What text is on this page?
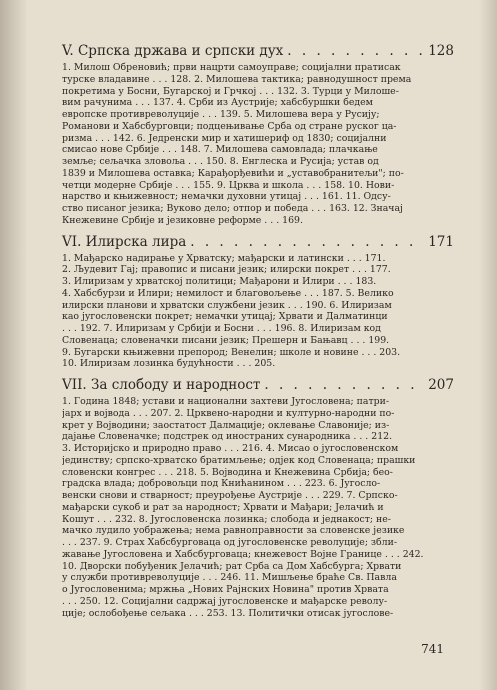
V. Српска држава и српски дух . . .	128
1. Милош Обреновић; први нацрти самоуправе; социјални пратисак
турске владавине . . . 128. 2. Милошева тактика; равнодушност према
покретима у Босни, Бугарској и Грчкој . . . 132. 3. Турци у Милоше-
вим рачунима . . . 137. 4. Срби из Аустрије; хабсбуршки бедем
европске противреволуције . . . 139. 5. Милошева вера у Русију;
Романови и Хабсбурговци; подцењивање Срба од стране руског ца-
ризма . . . 142. 6. Једренски мир и хатишериф од 1830; социјални
смисао нове Србије . . . 148. 7. Милошева самовлада; плачкање
земље; сељачка зловоља . . . 150. 8. Енглеска и Русија; устав од
1839 и Милошева оставка; Карађорђевићи и „уставобранитељи"; по-
четци модерне Србије . . . 155. 9. Црква и школа . . . 158. 10. Нови-
нарство и књижевност; немачки духовни утицај . . . 161. 11. Одсу-
ство писаног језика; Вуково дело; отпор и победа . . . 163. 12. Значај
Кнежевине Србије и језиковне реформе . . . 169.
VI. Илирска лира . . .	171
1. Мађарско надирање у Хрватску; мађарски и латински . . . 171.
2. Људевит Гај; правопис и писани језик; илирски покрет . . . 177.
3. Илиризам у хрватској политици; Мађарони и Илири . . . 183.
4. Хабсбурзи и Илири; немилост и благовољење . . . 187. 5. Велико
илирски планови и хрватски службени језик . . . 190. 6. Илиризам
као југословенски покрет; немачки утицај; Хрвати и Далматинци
. . . 192. 7. Илиризам у Србији и Босни . . . 196. 8. Илиризам код
Словенаца; словеначки писани језик; Прешерн и Бањавц . . . 199.
9. Бугарски књижевни препород; Венелин; школе и новине . . . 203.
10. Илиризам лозинка будућности . . . 205.
VII. За слободу и народност . . .	207
1. Година 1848; устави и национални захтеви Југословена; патри-
јарх и војвода . . . 207. 2. Црквено-народни и културно-народни по-
крет у Војводини; заостатост Далмације; оклевање Славоније; из-
дајање Словеначке; подстрек од иностраних сународника . . . 212.
3. Историјско и природно право . . . 216. 4. Мисао о југословенском
јединству; српско-хрватско братимљење; одјек код Словенаца; прашки
словенски конгрес . . . 218. 5. Војводина и Кнежевина Србија; бео-
градска влада; добровољци под Книћанином . . . 223. 6. Југосло-
венски снови и стварност; преурођење Аустрије . . . 229. 7. Српско-
мађарски сукоб и рат за народност; Хрвати и Мађари; Јелачић и
Кошут . . . 232. 8. Југословенска лозинка; слобода и једнакост; не-
мачко лудило уображења; нема равноправности за словенске језике
. . . 237. 9. Страх Хабсбурговаца од југословенске револуције; збли-
жавање Југословена и Хабсбурговаца; кнежевост Војне Границе . . . 242.
10. Дворски побуђеник Јелачић; рат Срба са Дом Хабсбурга; Хрвати
у служби противреволуције . . . 246. 11. Мишљење браће Св. Павла
о Југословенима; мржња „Нових Рајнских Новина" против Хрвата
. . . 250. 12. Социјални садржај југословенске и мађарске револу-
ције; ослобођење сељака . . . 253. 13. Политички отисак југослове-
741
